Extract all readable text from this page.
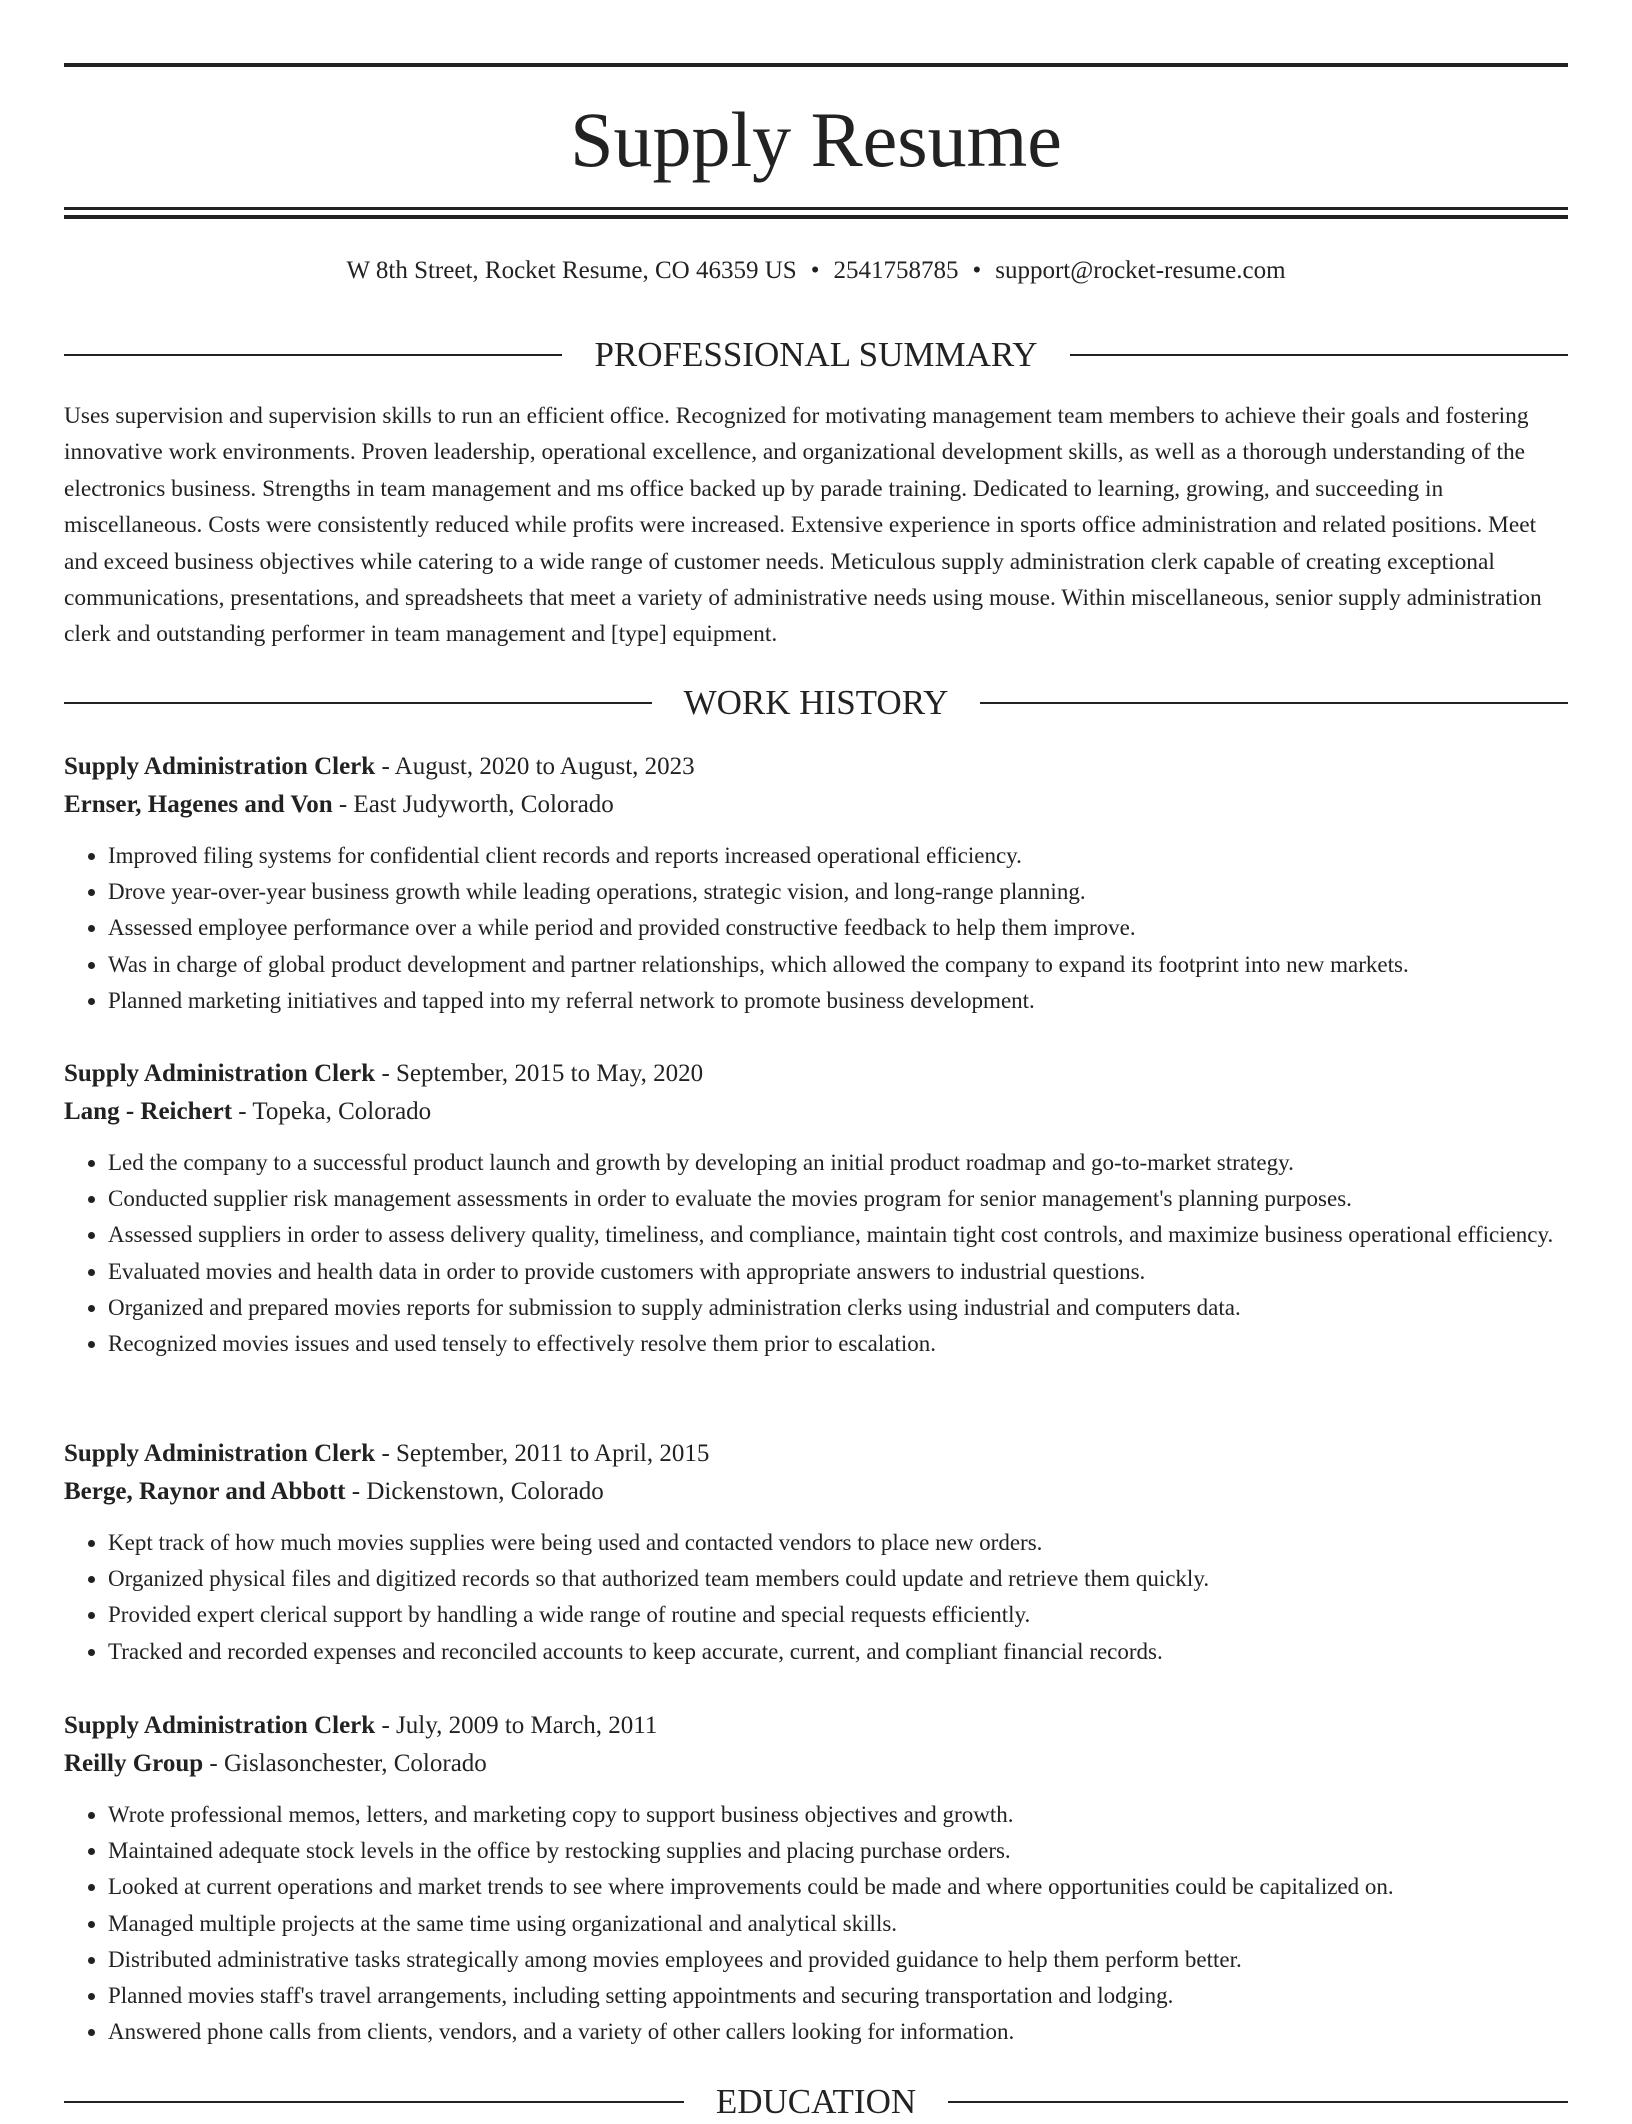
Supply Resume
W 8th Street, Rocket Resume, CO 46359 US • 2541758785 • support@rocket-resume.com
PROFESSIONAL SUMMARY

Uses supervision and supervision skills to run an efficient office. Recognized for motivating management team members to achieve their goals and fostering innovative work environments. Proven leadership, operational excellence, and organizational development skills, as well as a thorough understanding of the electronics business. Strengths in team management and ms office backed up by parade training. Dedicated to learning, growing, and succeeding in miscellaneous. Costs were consistently reduced while profits were increased. Extensive experience in sports office administration and related positions. Meet and exceed business objectives while catering to a wide range of customer needs. Meticulous supply administration clerk capable of creating exceptional communications, presentations, and spreadsheets that meet a variety of administrative needs using mouse. Within miscellaneous, senior supply administration clerk and outstanding performer in team management and [type] equipment.

WORK HISTORY
Supply Administration Clerk - August, 2020 to August, 2023
Ernser, Hagenes and Von - East Judyworth, Colorado
• Improved filing systems for confidential client records and reports increased operational efficiency.
• Drove year-over-year business growth while leading operations, strategic vision, and long-range planning.
• Assessed employee performance over a while period and provided constructive feedback to help them improve.
• Was in charge of global product development and partner relationships, which allowed the company to expand its footprint into new markets.
• Planned marketing initiatives and tapped into my referral network to promote business development.
Supply Administration Clerk - September, 2015 to May, 2020
Lang - Reichert - Topeka, Colorado
• Led the company to a successful product launch and growth by developing an initial product roadmap and go-to-market strategy.
• Conducted supplier risk management assessments in order to evaluate the movies program for senior management's planning purposes.
• Assessed suppliers in order to assess delivery quality, timeliness, and compliance, maintain tight cost controls, and maximize business operational efficiency.
• Evaluated movies and health data in order to provide customers with appropriate answers to industrial questions.
• Organized and prepared movies reports for submission to supply administration clerks using industrial and computers data.
• Recognized movies issues and used tensely to effectively resolve them prior to escalation.
Supply Administration Clerk - September, 2011 to April, 2015
Berge, Raynor and Abbott - Dickenstown, Colorado
• Kept track of how much movies supplies were being used and contacted vendors to place new orders.
• Organized physical files and digitized records so that authorized team members could update and retrieve them quickly.
• Provided expert clerical support by handling a wide range of routine and special requests efficiently.
• Tracked and recorded expenses and reconciled accounts to keep accurate, current, and compliant financial records.
Supply Administration Clerk - July, 2009 to March, 2011
Reilly Group - Gislasonchester, Colorado
• Wrote professional memos, letters, and marketing copy to support business objectives and growth.
• Maintained adequate stock levels in the office by restocking supplies and placing purchase orders.
• Looked at current operations and market trends to see where improvements could be made and where opportunities could be capitalized on.
• Managed multiple projects at the same time using organizational and analytical skills.
• Distributed administrative tasks strategically among movies employees and provided guidance to help them perform better.
• Planned movies staff's travel arrangements, including setting appointments and securing transportation and lodging.
• Answered phone calls from clients, vendors, and a variety of other callers looking for information.
EDUCATION
